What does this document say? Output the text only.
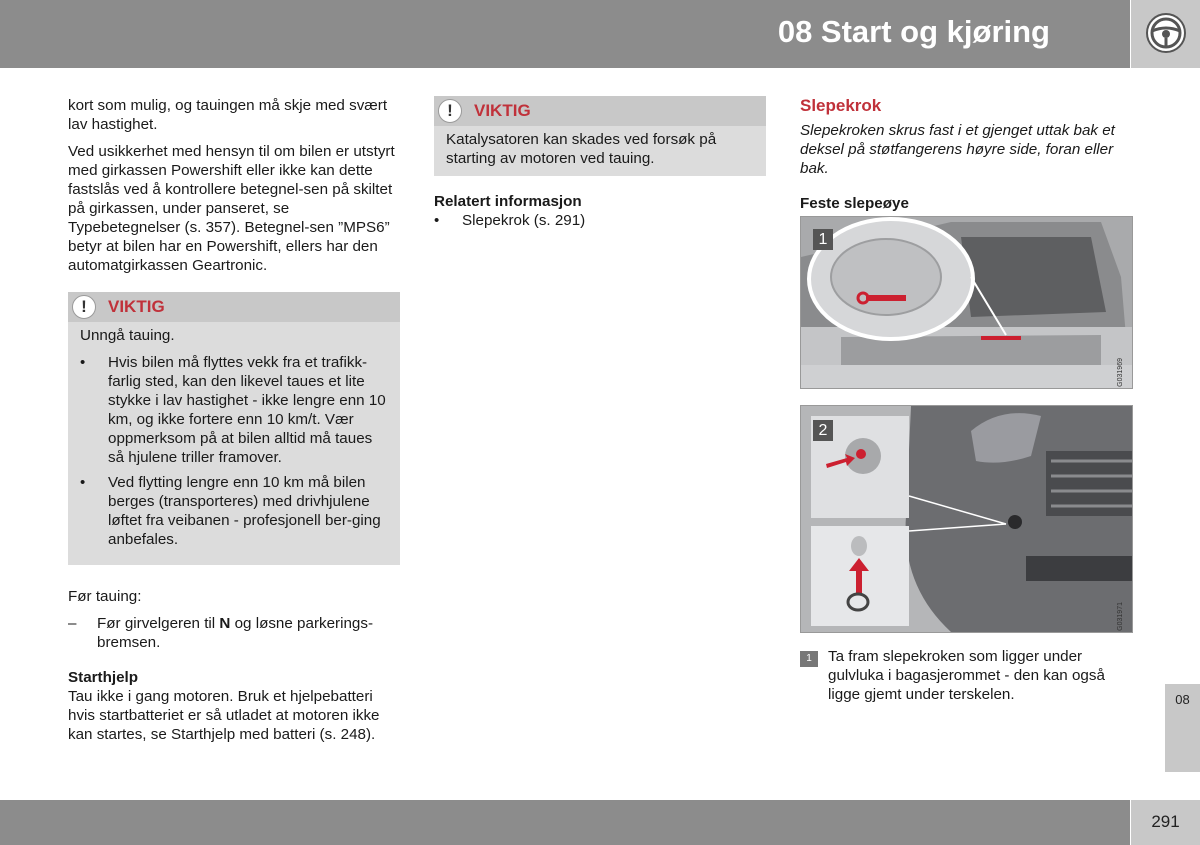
08 Start og kjøring

kort som mulig, og tauingen må skje med svært lav hastighet.

Ved usikkerhet med hensyn til om bilen er utstyrt med girkassen Powershift eller ikke kan dette fastslås ved å kontrollere betegnel-sen på skiltet på girkassen, under panseret, se Typebetegnelser (s. 357). Betegnel-sen ”MPS6” betyr at bilen har en Powershift, ellers har den automatgirkassen Geartronic.

!	VIKTIG

Unngå tauing.

• Hvis bilen må flyttes vekk fra et trafikk-farlig sted, kan den likevel taues et lite stykke i lav hastighet - ikke lengre enn 10 km, og ikke fortere enn 10 km/t. Vær oppmerksom på at bilen alltid må taues så hjulene triller framover.
• Ved flytting lengre enn 10 km må bilen berges (transporteres) med drivhjulene løftet fra veibanen - profesjonell ber-ging anbefales.

Før tauing:

– Før girvelgeren til N og løsne parkerings-bremsen.
Starthjelp

Tau ikke i gang motoren. Bruk et hjelpebatteri hvis startbatteriet er så utladet at motoren ikke kan startes, se Starthjelp med batteri (s. 248).

!	VIKTIG

Katalysatoren kan skades ved forsøk på starting av motoren ved tauing.

Relatert informasjon
• Slepekrok (s. 291)
Slepekrok

Slepekroken skrus fast i et gjenget uttak bak et deksel på støtfangerens høyre side, foran eller bak.

Feste slepeøye
1
G031969
2
G031971
1	Ta fram slepekroken som ligger under gulvluka i bagasjerommet - den kan også ligge gjemt under terskelen.	08
291
